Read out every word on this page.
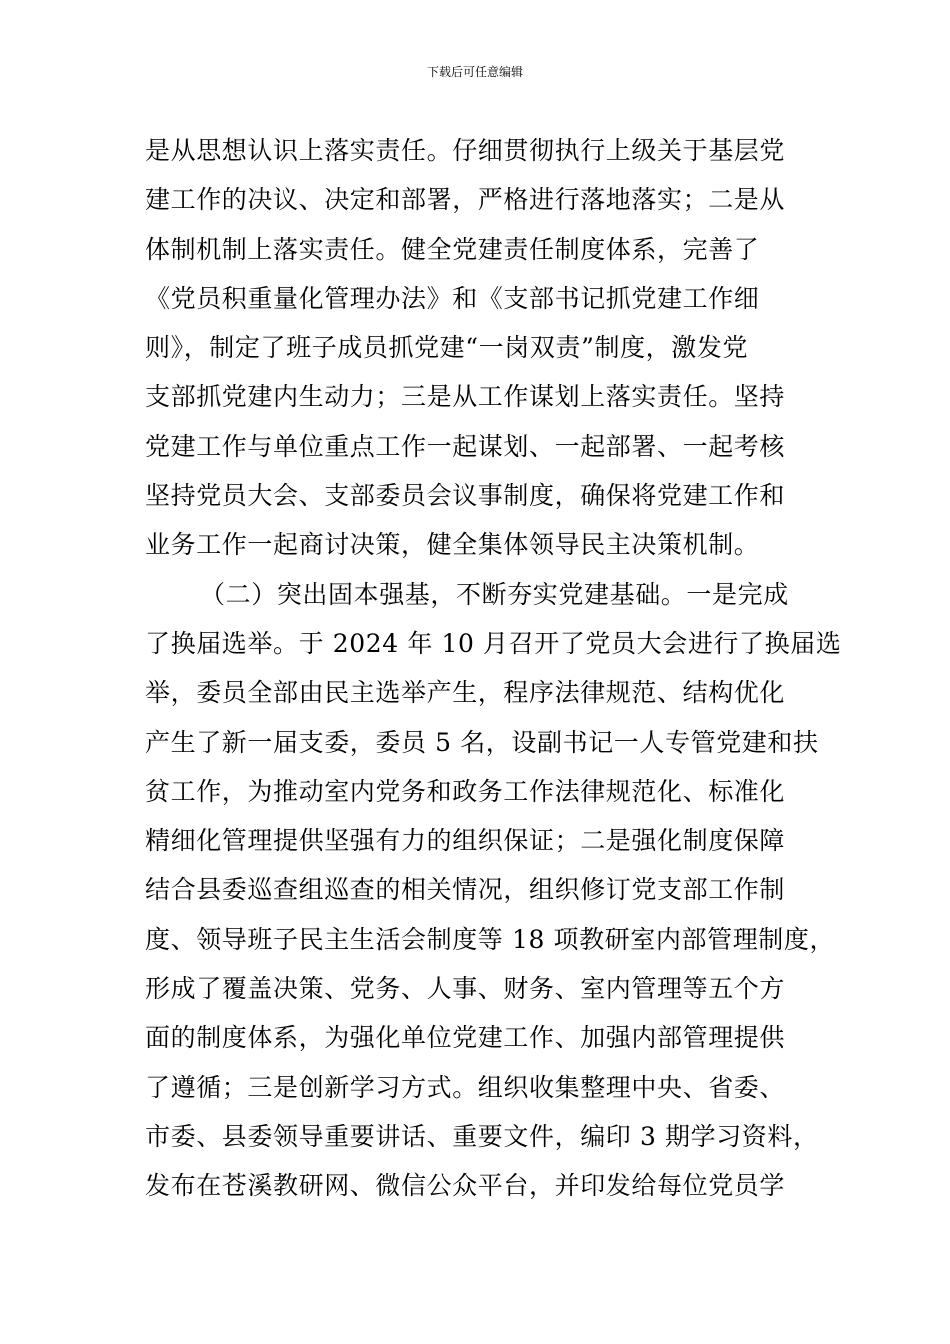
下载后可任意编辑
是从思想认识上落实责任。仔细贯彻执行上级关于基层党
建工作的决议、决定和部署，严格进行落地落实；二是从
体制机制上落实责任。健全党建责任制度体系，完善了
《党员积重量化管理办法》和《支部书记抓党建工作细
则》，制定了班子成员抓党建“一岗双责”制度，激发党
支部抓党建内生动力；三是从工作谋划上落实责任。坚持
党建工作与单位重点工作一起谋划、一起部署、一起考核
坚持党员大会、支部委员会议事制度，确保将党建工作和
业务工作一起商讨决策，健全集体领导民主决策机制。
（二）突出固本强基，不断夯实党建基础。一是完成
了换届选举。于 2024 年 10 月召开了党员大会进行了换届选
举，委员全部由民主选举产生，程序法律规范、结构优化
产生了新一届支委，委员 5 名，设副书记一人专管党建和扶
贫工作，为推动室内党务和政务工作法律规范化、标准化
精细化管理提供坚强有力的组织保证；二是强化制度保障
结合县委巡查组巡查的相关情况，组织修订党支部工作制
度、领导班子民主生活会制度等 18 项教研室内部管理制度，
形成了覆盖决策、党务、人事、财务、室内管理等五个方
面的制度体系，为强化单位党建工作、加强内部管理提供
了遵循；三是创新学习方式。组织收集整理中央、省委、
市委、县委领导重要讲话、重要文件，编印 3 期学习资料，
发布在苍溪教研网、微信公众平台，并印发给每位党员学
